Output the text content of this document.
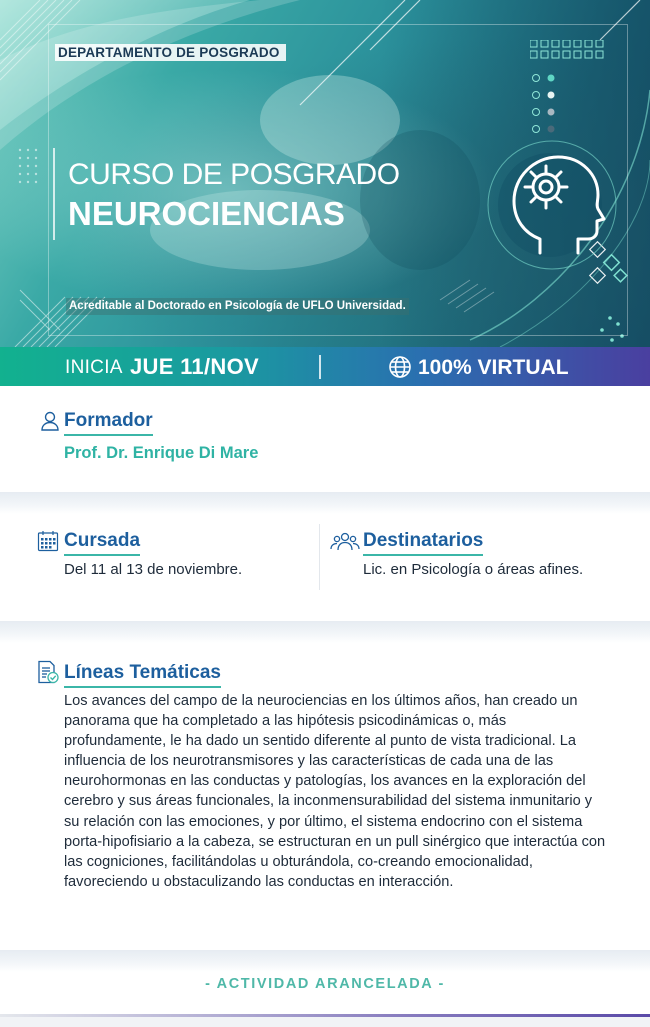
DEPARTAMENTO DE POSGRADO
CURSO DE POSGRADO
NEUROCIENCIAS
Acreditable al Doctorado en Psicología de UFLO Universidad.
INICIA JUE 11/NOV	100% VIRTUAL
Formador
Prof. Dr. Enrique Di Mare
Cursada
Del 11 al 13 de noviembre.
Destinatarios
Lic. en Psicología o áreas afines.
Líneas Temáticas

Los avances del campo de la neurociencias en los últimos años, han creado un panorama que ha completado a las hipótesis psicodinámicas o, más profundamente, le ha dado un sentido diferente al punto de vista tradicional. La influencia de los neurotransmisores y las características de cada una de las neurohormonas en las conductas y patologías, los avances en la exploración del cerebro y sus áreas funcionales, la inconmensurabilidad del sistema inmunitario y su relación con las emociones, y por último, el sistema endocrino con el sistema porta-hipofisiario a la cabeza, se estructuran en un pull sinérgico que interactúa con las cogniciones, facilitándolas u obturándola, co-creando emocionalidad, favoreciendo u obstaculizando las conductas en interacción.

- ACTIVIDAD ARANCELADA -
